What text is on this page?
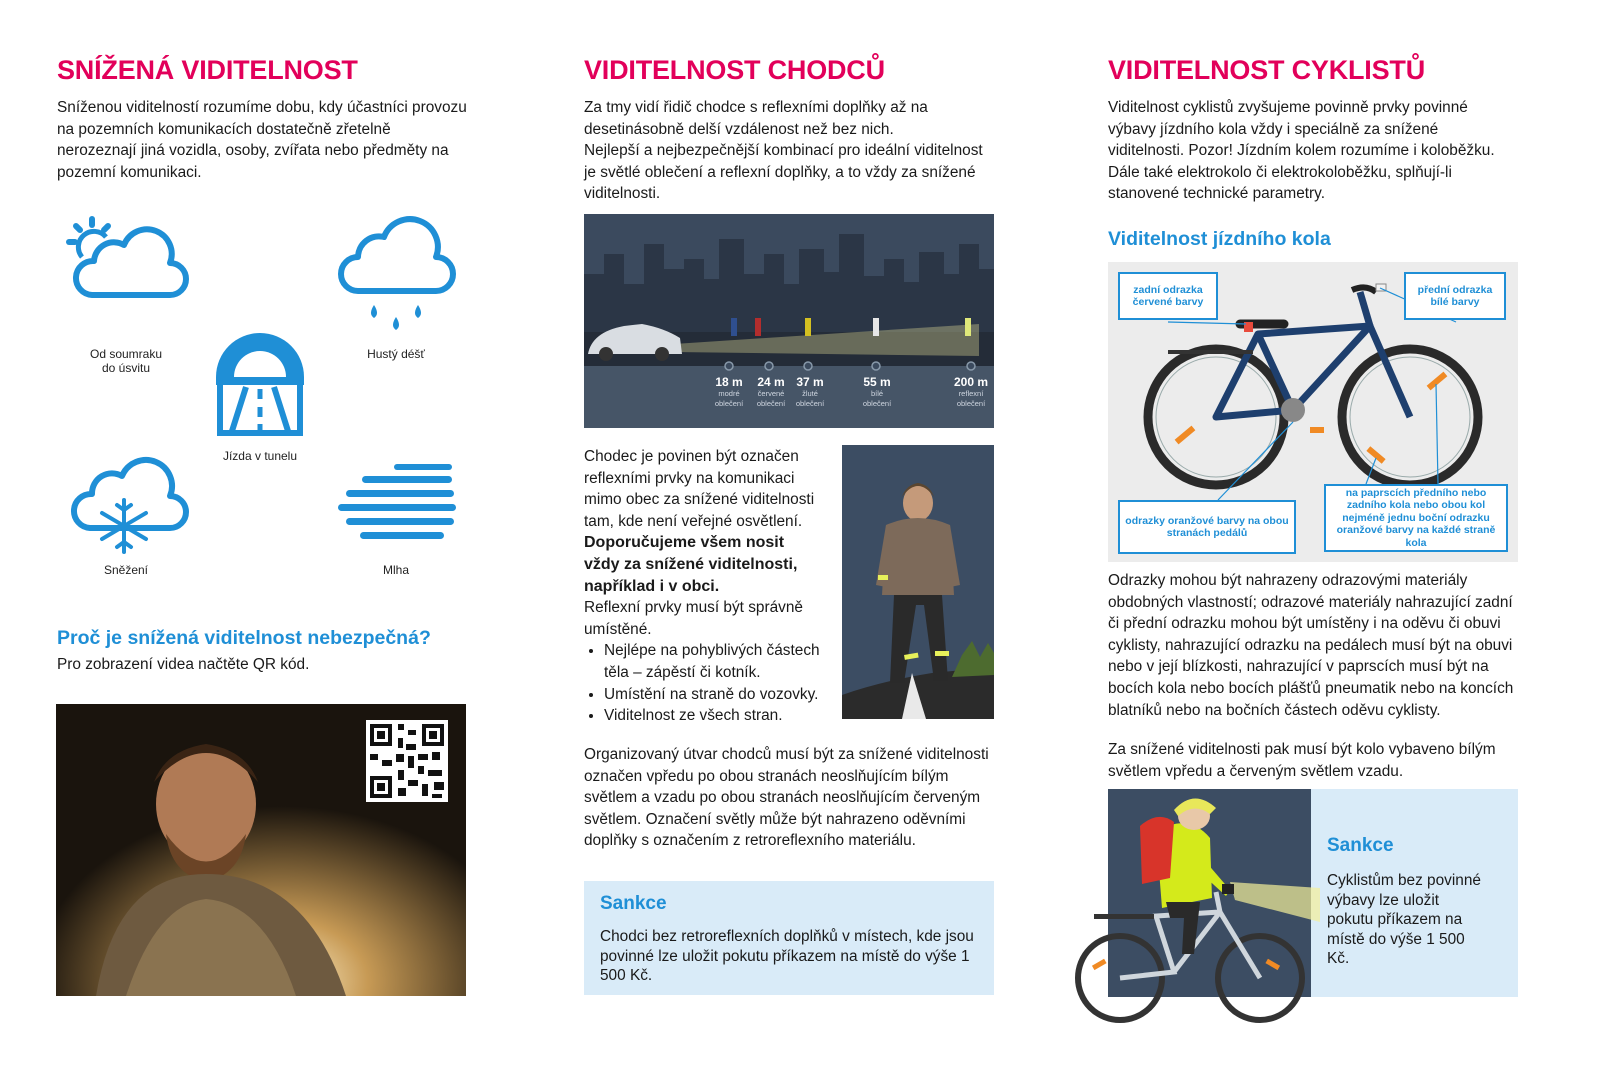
SNÍŽENÁ VIDITELNOST
Sníženou viditelností rozumíme dobu, kdy účastníci provozu na pozemních komunikacích dostatečně zřetelně nerozeznají jiná vozidla, osoby, zvířata nebo předměty na pozemní komunikaci.
Od soumraku
do úsvitu
Hustý déšť
Jízda v tunelu
Sněžení	Mlha
Proč je snížená viditelnost nebezpečná?
Pro zobrazení videa načtěte QR kód.
VIDITELNOST CHODCŮ
Za tmy vidí řidič chodce s reflexními doplňky až na desetinásobně delší vzdálenost než bez nich.
Nejlepší a nejbezpečnější kombinací pro ideální viditelnost je světlé oblečení a reflexní doplňky, a to vždy za snížené viditelnosti.
18 m
modré
oblečení
24 m
červené
oblečení
37 m
žluté
oblečení
55 m
bílé
oblečení
200 m
reflexní
oblečení
Chodec je povinen být označen reflexními prvky na komunikaci mimo obec za snížené viditelnosti tam, kde není veřejné osvětlení.
Doporučujeme všem nosit vždy za snížené viditelnosti, například i v obci.
Reflexní prvky musí být správně umístěné.
• Nejlépe na pohyblivých částech těla – zápěstí či kotník.
• Umístění na straně do vozovky.
• Viditelnost ze všech stran.
Organizovaný útvar chodců musí být za snížené viditelnosti označen vpředu po obou stranách neoslňujícím bílým světlem a vzadu po obou stranách neoslňujícím červeným světlem. Označení světly může být nahrazeno oděvními doplňky s označením z retroreflexního materiálu.
Sankce
Chodci bez retroreflexních doplňků v místech, kde jsou povinné lze uložit pokutu příkazem na místě do výše 1 500 Kč.
VIDITELNOST CYKLISTŮ
Viditelnost cyklistů zvyšujeme povinně prvky povinné výbavy jízdního kola vždy i speciálně za snížené viditelnosti. Pozor! Jízdním kolem rozumíme i koloběžku. Dále také elektrokolo či elektrokoloběžku, splňují-li stanovené technické parametry.
Viditelnost jízdního kola
zadní odrazka červené barvy
přední odrazka bílé barvy
odrazky oranžové barvy na obou stranách pedálů
na paprscích předního nebo zadního kola nebo obou kol nejméně jednu boční odrazku oranžové barvy na každé straně kola
Odrazky mohou být nahrazeny odrazovými materiály obdobných vlastností; odrazové materiály nahrazující zadní či přední odrazku mohou být umístěny i na oděvu či obuvi cyklisty, nahrazující odrazku na pedálech musí být na obuvi nebo v její blízkosti, nahrazující v paprscích musí být na bocích kola nebo bocích plášťů pneumatik nebo na koncích blatníků nebo na bočních částech oděvu cyklisty.
Za snížené viditelnosti pak musí být kolo vybaveno bílým světlem vpředu a červeným světlem vzadu.
Sankce
Cyklistům bez povinné výbavy lze uložit pokutu příkazem na místě do výše 1 500 Kč.
